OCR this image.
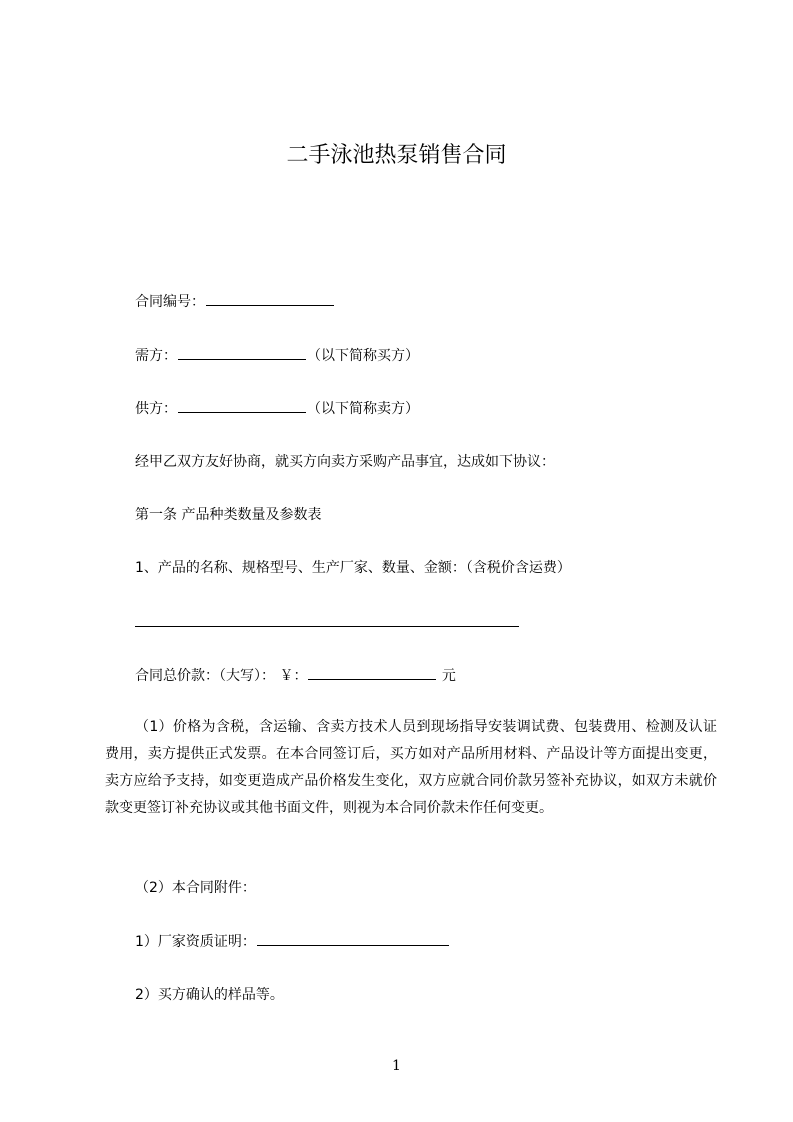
二手泳池热泵销售合同
合同编号：
需方：	（以下简称买方）
供方：	（以下简称卖方）
经甲乙双方友好协商，就买方向卖方采购产品事宜，达成如下协议：
第一条 产品种类数量及参数表
1、产品的名称、规格型号、生产厂家、数量、金额：（含税价含运费）
合同总价款：（大写）： ￥：	元
（1）价格为含税，含运输、含卖方技术人员到现场指导安装调试费、包装费用、检测及认证费用，卖方提供正式发票。在本合同签订后，买方如对产品所用材料、产品设计等方面提出变更，卖方应给予支持，如变更造成产品价格发生变化，双方应就合同价款另签补充协议，如双方未就价款变更签订补充协议或其他书面文件，则视为本合同价款未作任何变更。
（2）本合同附件：
1）厂家资质证明：
2）买方确认的样品等。
1
